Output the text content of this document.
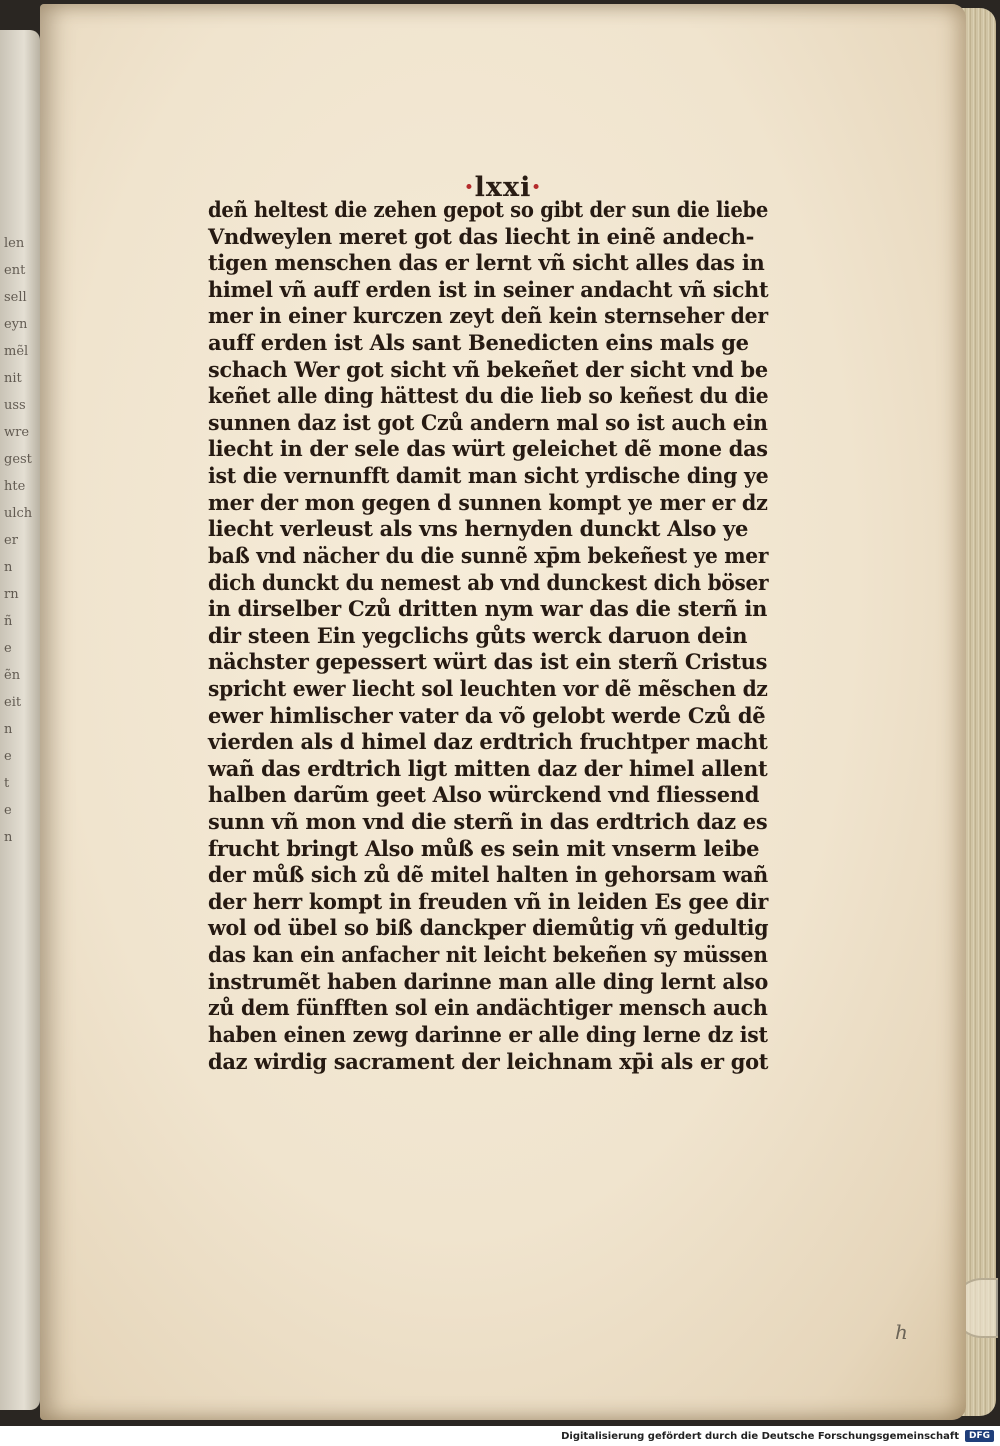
len
ent
sell
eyn
mẽl
nit
uss
wre
gest
hte
ulch
er
n
rn
ñ
e
ẽn
eit
n
e
t
e
n
·lxxi·
deñ heltest die zehen gepot so gibt der sun die liebe
Vndweylen meret got das liecht in einẽ andech-
tigen menschen das er lernt vñ sicht alles das in
himel vñ auff erden ist in seiner andacht vñ sicht
mer in einer kurczen zeyt deñ kein sternseher der
auff erden ist Als sant Benedicten eins mals ge
schach Wer got sicht vñ bekeñet der sicht vnd be
keñet alle ding hättest du die lieb so keñest du die
sunnen daz ist got Czů andern mal so ist auch ein
liecht in der sele das würt geleichet dẽ mone das
ist die vernunfft damit man sicht yrdische ding ye
mer der mon gegen d sunnen kompt ye mer er dz
liecht verleust als vns hernyden dunckt Also ye
baß vnd nächer du die sunnẽ xp̄m bekeñest ye mer
dich dunckt du nemest ab vnd dunckest dich böser
in dirselber Czů dritten nym war das die sterñ in
dir steen Ein yegclichs gůts werck daruon dein
nächster gepessert würt das ist ein sterñ Cristus
spricht ewer liecht sol leuchten vor dẽ mẽschen dz
ewer himlischer vater da võ gelobt werde Czů dẽ
vierden als d himel daz erdtrich fruchtper macht
wañ das erdtrich ligt mitten daz der himel allent
halben darũm geet Also würckend vnd fliessend
sunn vñ mon vnd die sterñ in das erdtrich daz es
frucht bringt Also můß es sein mit vnserm leibe
der můß sich zů dẽ mitel halten in gehorsam wañ
der herr kompt in freuden vñ in leiden Es gee dir
wol od übel so biß danckper diemůtig vñ gedultig
das kan ein anfacher nit leicht bekeñen sy müssen
instrumẽt haben darinne man alle ding lernt also
zů dem fünfften sol ein andächtiger mensch auch
haben einen zewg darinne er alle ding lerne dz ist
daz wirdig sacrament der leichnam xp̄i als er got
h
Digitalisierung gefördert durch die Deutsche Forschungsgemeinschaft	DFG
